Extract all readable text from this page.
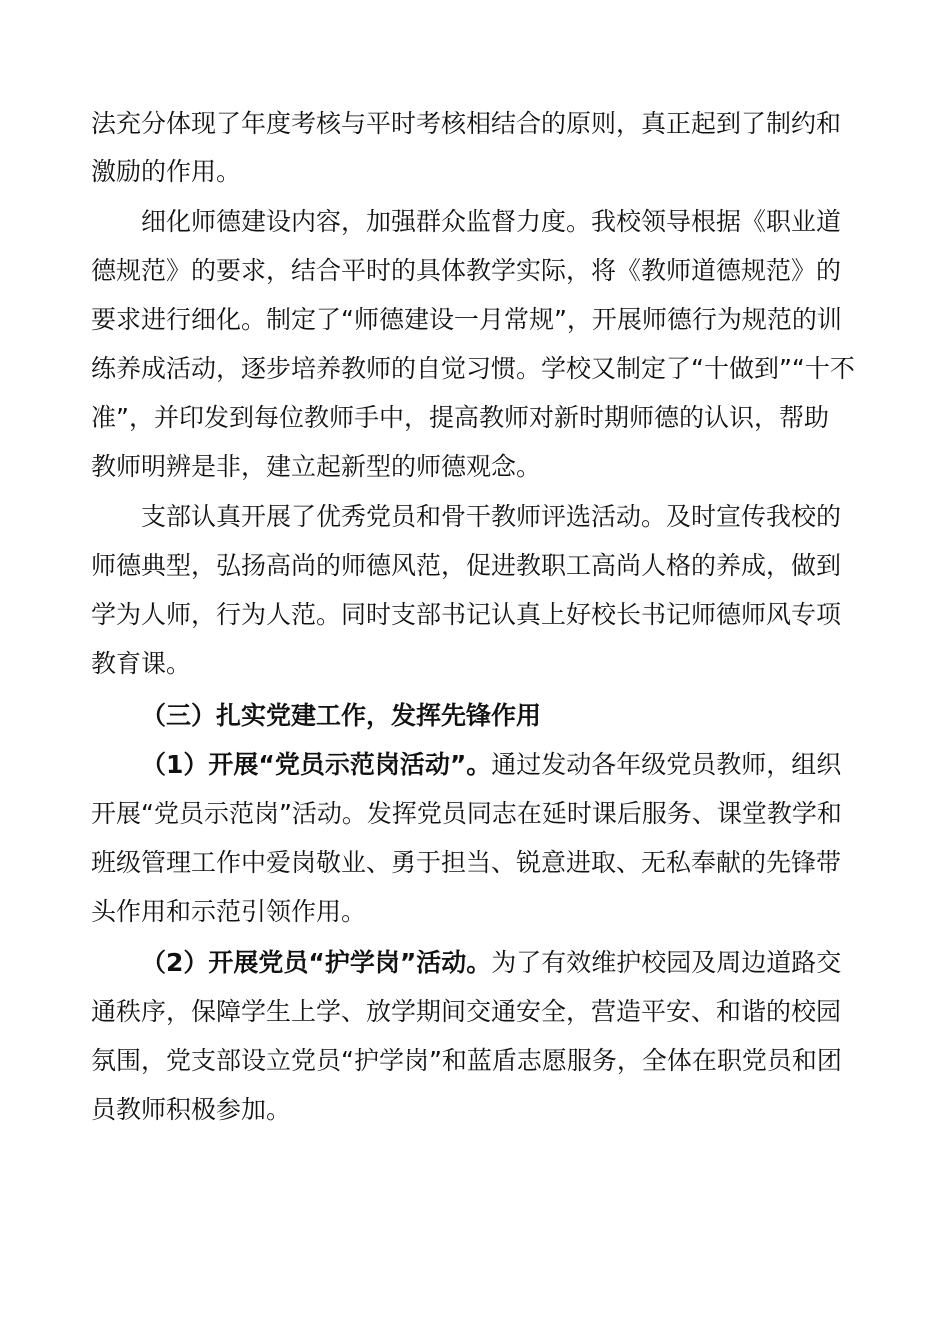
法充分体现了年度考核与平时考核相结合的原则，真正起到了制约和
激励的作用。
细化师德建设内容，加强群众监督力度。我校领导根据《职业道
德规范》的要求，结合平时的具体教学实际，将《教师道德规范》的
要求进行细化。制定了“师德建设一月常规”，开展师德行为规范的训
练养成活动，逐步培养教师的自觉习惯。学校又制定了“十做到”“十不
准”，并印发到每位教师手中，提高教师对新时期师德的认识，帮助
教师明辨是非，建立起新型的师德观念。
支部认真开展了优秀党员和骨干教师评选活动。及时宣传我校的
师德典型，弘扬高尚的师德风范，促进教职工高尚人格的养成，做到
学为人师，行为人范。同时支部书记认真上好校长书记师德师风专项
教育课。
（三）扎实党建工作，发挥先锋作用
（1）开展“党员示范岗活动”。通过发动各年级党员教师，组织
开展“党员示范岗”活动。发挥党员同志在延时课后服务、课堂教学和
班级管理工作中爱岗敬业、勇于担当、锐意进取、无私奉献的先锋带
头作用和示范引领作用。
（2）开展党员“护学岗”活动。为了有效维护校园及周边道路交
通秩序，保障学生上学、放学期间交通安全，营造平安、和谐的校园
氛围，党支部设立党员“护学岗”和蓝盾志愿服务，全体在职党员和团
员教师积极参加。
